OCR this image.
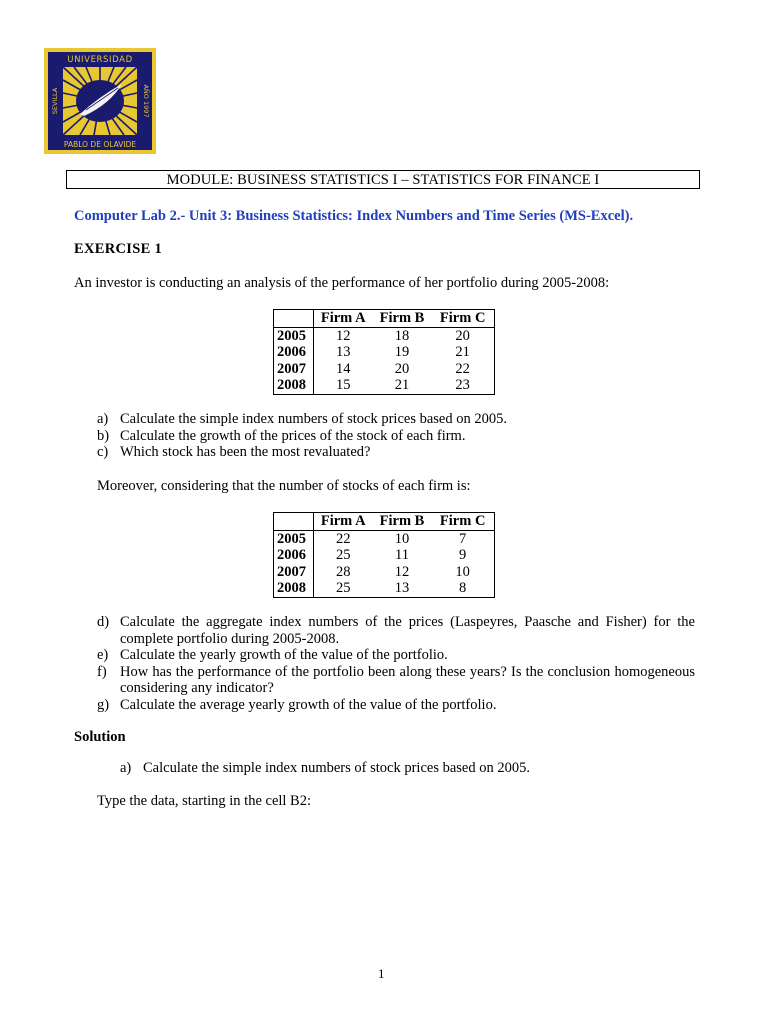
UNIVERSIDAD
PABLO DE OLAVIDE
SEVILLA	AÑO 1997
MODULE: BUSINESS STATISTICS I – STATISTICS FOR FINANCE I
Computer Lab 2.- Unit 3: Business Statistics: Index Numbers and Time Series (MS-Excel).
EXERCISE 1
An investor is conducting an analysis of the performance of her portfolio during 2005-2008:
	Firm A	Firm B	Firm C
2005	12	18	20
2006	13	19	21
2007	14	20	22
2008	15	21	23
a) Calculate the simple index numbers of stock prices based on 2005.
b) Calculate the growth of the prices of the stock of each firm.
c) Which stock has been the most revaluated?
Moreover, considering that the number of stocks of each firm is:
	Firm A	Firm B	Firm C
2005	22	10	7
2006	25	11	9
2007	28	12	10
2008	25	13	8
d) Calculate the aggregate index numbers of the prices (Laspeyres, Paasche and Fisher) for the complete portfolio during 2005-2008.
e) Calculate the yearly growth of the value of the portfolio.
f) How has the performance of the portfolio been along these years? Is the conclusion homogeneous considering any indicator?
g) Calculate the average yearly growth of the value of the portfolio.
Solution
a) Calculate the simple index numbers of stock prices based on 2005.
Type the data, starting in the cell B2:
1
